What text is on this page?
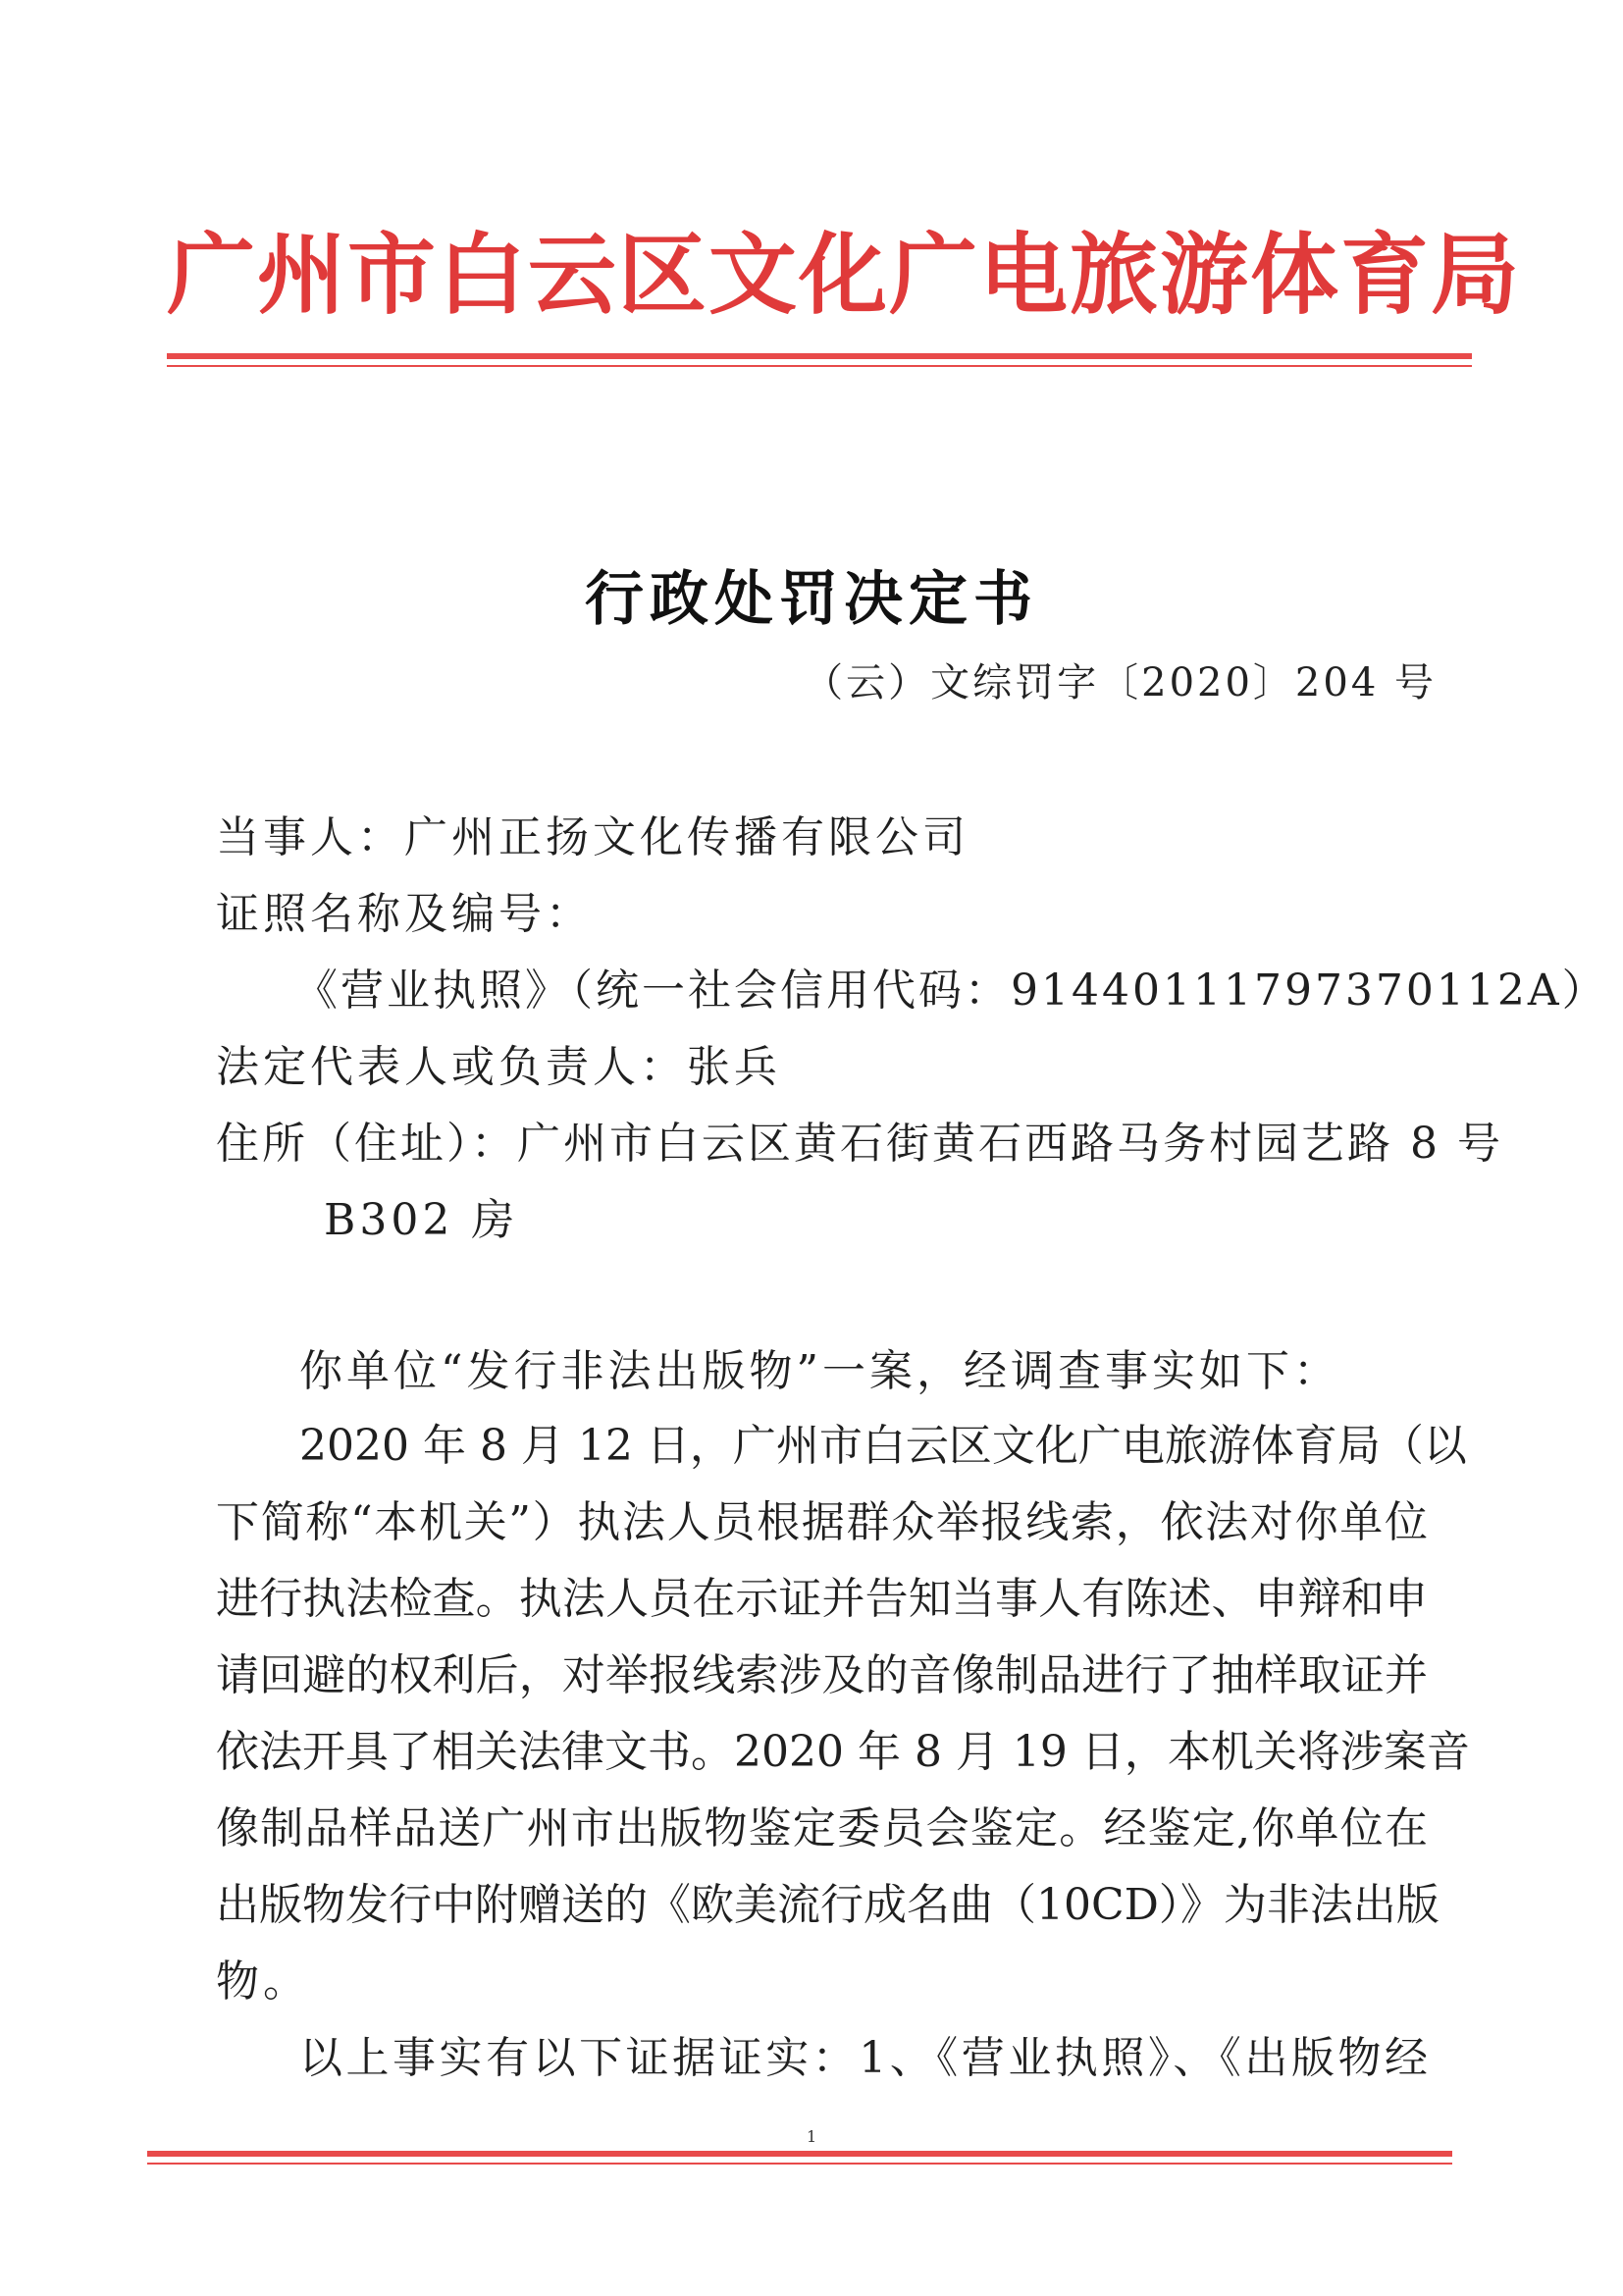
广州市白云区文化广电旅游体育局
行政处罚决定书
（云）文综罚字〔2020〕204 号
当事人：广州正扬文化传播有限公司
证照名称及编号：
《营业执照》（统一社会信用代码：91440111797370112A）
法定代表人或负责人：张兵
住所（住址）：广州市白云区黄石街黄石西路马务村园艺路 8 号
B302 房
你单位“发行非法出版物”一案，经调查事实如下：
2020 年 8 月 12 日，广州市白云区文化广电旅游体育局（以
下简称“本机关”）执法人员根据群众举报线索，依法对你单位
进行执法检查。执法人员在示证并告知当事人有陈述、申辩和申
请回避的权利后，对举报线索涉及的音像制品进行了抽样取证并
依法开具了相关法律文书。2020 年 8 月 19 日，本机关将涉案音
像制品样品送广州市出版物鉴定委员会鉴定。经鉴定,你单位在
出版物发行中附赠送的《欧美流行成名曲（10CD）》为非法出版
物。
以上事实有以下证据证实：1、《营业执照》、《出版物经
1
